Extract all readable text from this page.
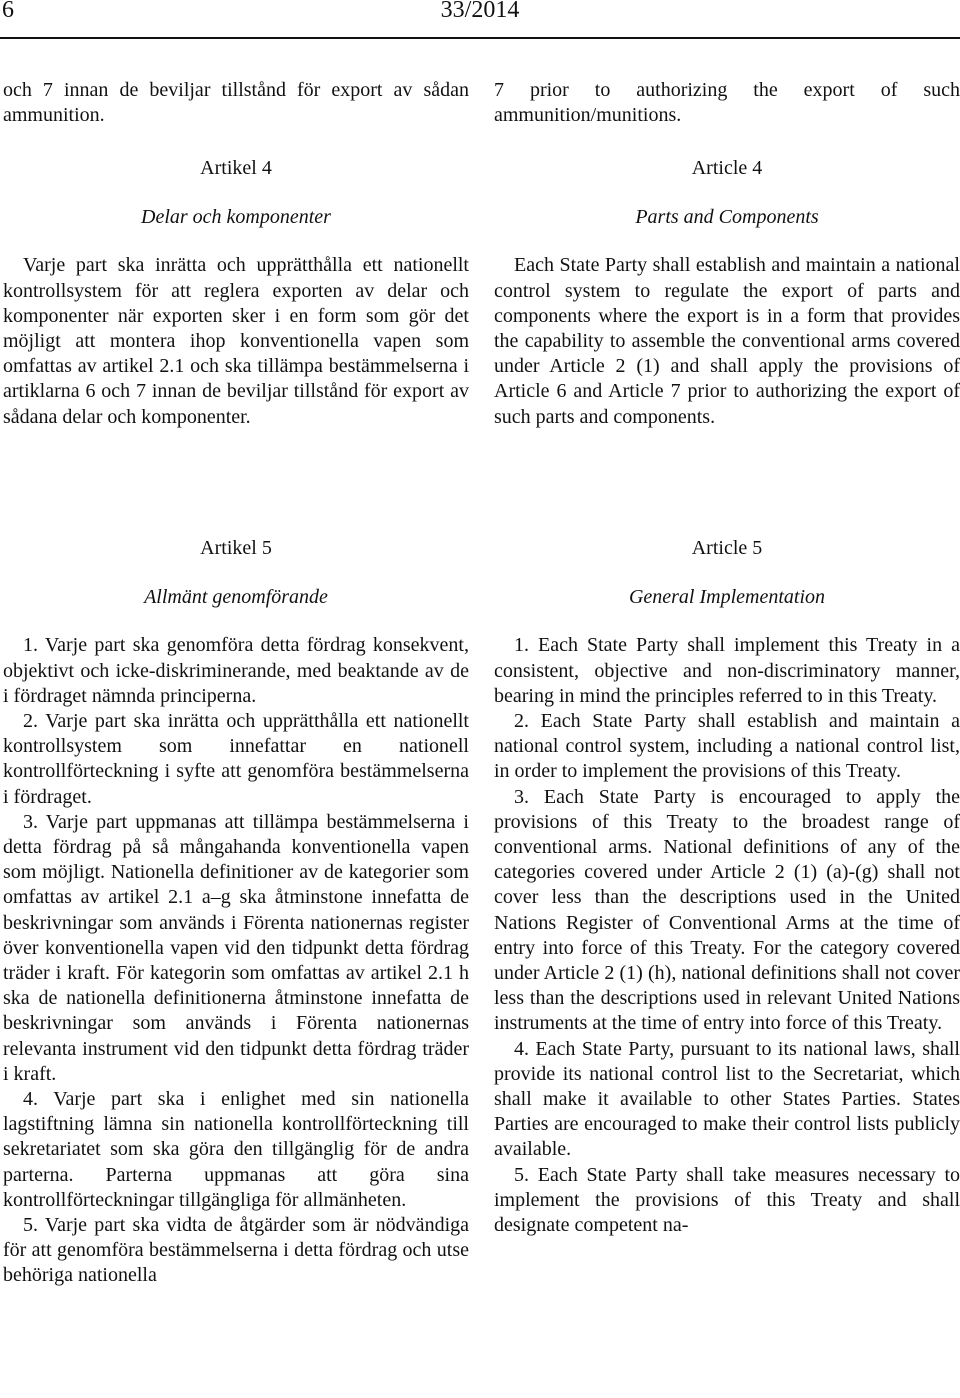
6	33/2014

och 7 innan de beviljar tillstånd för export av sådan ammunition.

Artikel 4
Delar och komponenter

Varje part ska inrätta och upprätthålla ett nationellt kontrollsystem för att reglera exporten av delar och komponenter när exporten sker i en form som gör det möjligt att montera ihop konventionella vapen som omfattas av artikel 2.1 och ska tillämpa bestämmelserna i artiklarna 6 och 7 innan de beviljar tillstånd för export av sådana delar och komponenter.

Artikel 5
Allmänt genomförande

1. Varje part ska genomföra detta fördrag konsekvent, objektivt och icke-diskriminerande, med beaktande av de i fördraget nämnda principerna.

2. Varje part ska inrätta och upprätthålla ett nationellt kontrollsystem som innefattar en nationell kontrollförteckning i syfte att genomföra bestämmelserna i fördraget.

3. Varje part uppmanas att tillämpa bestämmelserna i detta fördrag på så mångahanda konventionella vapen som möjligt. Nationella definitioner av de kategorier som omfattas av artikel 2.1 a–g ska åtminstone innefatta de beskrivningar som används i Förenta nationernas register över konventionella vapen vid den tidpunkt detta fördrag träder i kraft. För kategorin som omfattas av artikel 2.1 h ska de nationella definitionerna åtminstone innefatta de beskrivningar som används i Förenta nationernas relevanta instrument vid den tidpunkt detta fördrag träder i kraft.

4. Varje part ska i enlighet med sin nationella lagstiftning lämna sin nationella kontrollförteckning till sekretariatet som ska göra den tillgänglig för de andra parterna. Parterna uppmanas att göra sina kontrollförteckningar tillgängliga för allmänheten.

5. Varje part ska vidta de åtgärder som är nödvändiga för att genomföra bestämmelserna i detta fördrag och utse behöriga nationella

7 prior to authorizing the export of such ammunition/munitions.

Article 4
Parts and Components

Each State Party shall establish and maintain a national control system to regulate the export of parts and components where the export is in a form that provides the capability to assemble the conventional arms covered under Article 2 (1) and shall apply the provisions of Article 6 and Article 7 prior to authorizing the export of such parts and components.

Article 5
General Implementation

1. Each State Party shall implement this Treaty in a consistent, objective and non-discriminatory manner, bearing in mind the principles referred to in this Treaty.

2. Each State Party shall establish and maintain a national control system, including a national control list, in order to implement the provisions of this Treaty.

3. Each State Party is encouraged to apply the provisions of this Treaty to the broadest range of conventional arms. National definitions of any of the categories covered under Article 2 (1) (a)-(g) shall not cover less than the descriptions used in the United Nations Register of Conventional Arms at the time of entry into force of this Treaty. For the category covered under Article 2 (1) (h), national definitions shall not cover less than the descriptions used in relevant United Nations instruments at the time of entry into force of this Treaty.

4. Each State Party, pursuant to its national laws, shall provide its national control list to the Secretariat, which shall make it available to other States Parties. States Parties are encouraged to make their control lists publicly available.

5. Each State Party shall take measures necessary to implement the provisions of this Treaty and shall designate competent na-
